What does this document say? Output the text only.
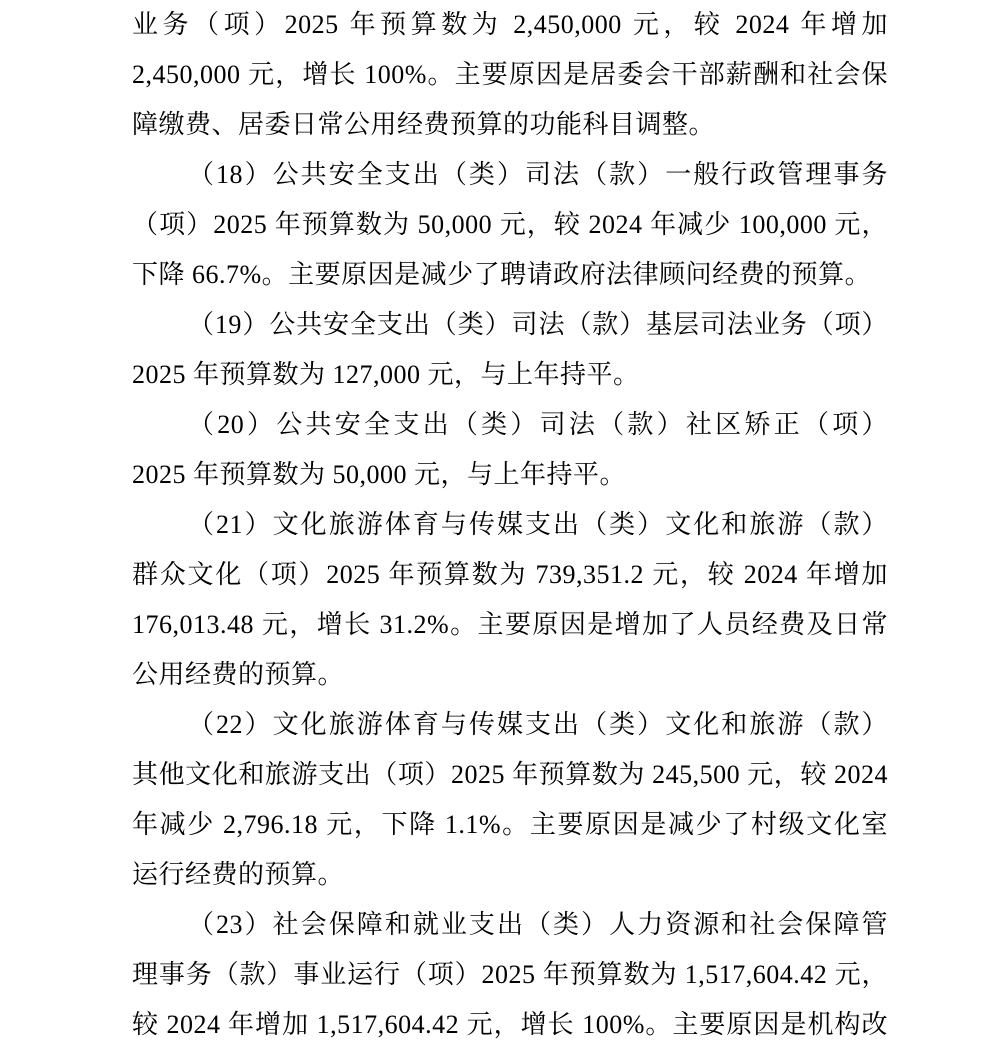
业务（项）2025 年预算数为 2,450,000 元，较 2024 年增加
2,450,000 元，增长 100%。主要原因是居委会干部薪酬和社会保
障缴费、居委日常公用经费预算的功能科目调整。
（18）公共安全支出（类）司法（款）一般行政管理事务
（项）2025 年预算数为 50,000 元，较 2024 年减少 100,000 元，
下降 66.7%。主要原因是减少了聘请政府法律顾问经费的预算。
（19）公共安全支出（类）司法（款）基层司法业务（项）
2025 年预算数为 127,000 元，与上年持平。
（20）公共安全支出（类）司法（款）社区矫正（项）
2025 年预算数为 50,000 元，与上年持平。
（21）文化旅游体育与传媒支出（类）文化和旅游（款）
群众文化（项）2025 年预算数为 739,351.2 元，较 2024 年增加
176,013.48 元，增长 31.2%。主要原因是增加了人员经费及日常
公用经费的预算。
（22）文化旅游体育与传媒支出（类）文化和旅游（款）
其他文化和旅游支出（项）2025 年预算数为 245,500 元，较 2024
年减少 2,796.18 元，下降 1.1%。主要原因是减少了村级文化室
运行经费的预算。
（23）社会保障和就业支出（类）人力资源和社会保障管
理事务（款）事业运行（项）2025 年预算数为 1,517,604.42 元，
较 2024 年增加 1,517,604.42 元，增长 100%。主要原因是机构改
